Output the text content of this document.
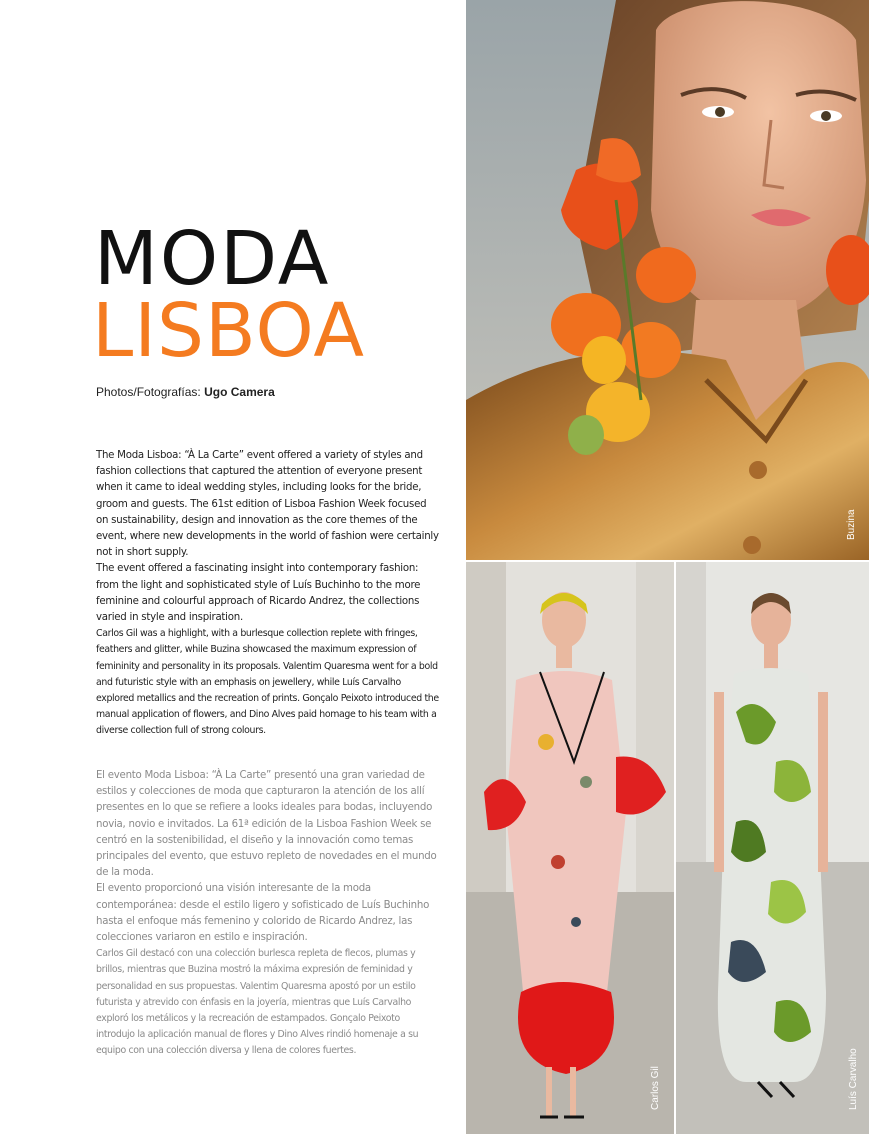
MODA
LISBOA
Photos/Fotografías: Ugo Camera

The Moda Lisboa: “À La Carte” event offered a variety of styles and fashion collections that captured the attention of everyone present when it came to ideal wedding styles, including looks for the bride, groom and guests. The 61st edition of Lisboa Fashion Week focused on sustainability, design and innovation as the core themes of the event, where new developments in the world of fashion were certainly not in short supply.

The event offered a fascinating insight into contemporary fashion: from the light and sophisticated style of Luís Buchinho to the more feminine and colourful approach of Ricardo Andrez, the collections varied in style and inspiration.

Carlos Gil was a highlight, with a burlesque collection replete with fringes, feathers and glitter, while Buzina showcased the maximum expression of femininity and personality in its proposals. Valentim Quaresma went for a bold and futuristic style with an emphasis on jewellery, while Luís Carvalho explored metallics and the recreation of prints. Gonçalo Peixoto introduced the manual application of flowers, and Dino Alves paid homage to his team with a diverse collection full of strong colours.

El evento Moda Lisboa: “À La Carte” presentó una gran variedad de estilos y colecciones de moda que capturaron la atención de los allí presentes en lo que se refiere a looks ideales para bodas, incluyendo novia, novio e invitados. La 61ª edición de la Lisboa Fashion Week se centró en la sostenibilidad, el diseño y la innovación como temas principales del evento, que estuvo repleto de novedades en el mundo de la moda.

El evento proporcionó una visión interesante de la moda contemporánea: desde el estilo ligero y sofisticado de Luís Buchinho hasta el enfoque más femenino y colorido de Ricardo Andrez, las colecciones variaron en estilo e inspiración.

Carlos Gil destacó con una colección burlesca repleta de flecos, plumas y brillos, mientras que Buzina mostró la máxima expresión de feminidad y personalidad en sus propuestas. Valentim Quaresma apostó por un estilo futurista y atrevido con énfasis en la joyería, mientras que Luís Carvalho exploró los metálicos y la recreación de estampados. Gonçalo Peixoto introdujo la aplicación manual de flores y Dino Alves rindió homenaje a su equipo con una colección diversa y llena de colores fuertes.

Buzina
Carlos Gil	Luís Carvalho
